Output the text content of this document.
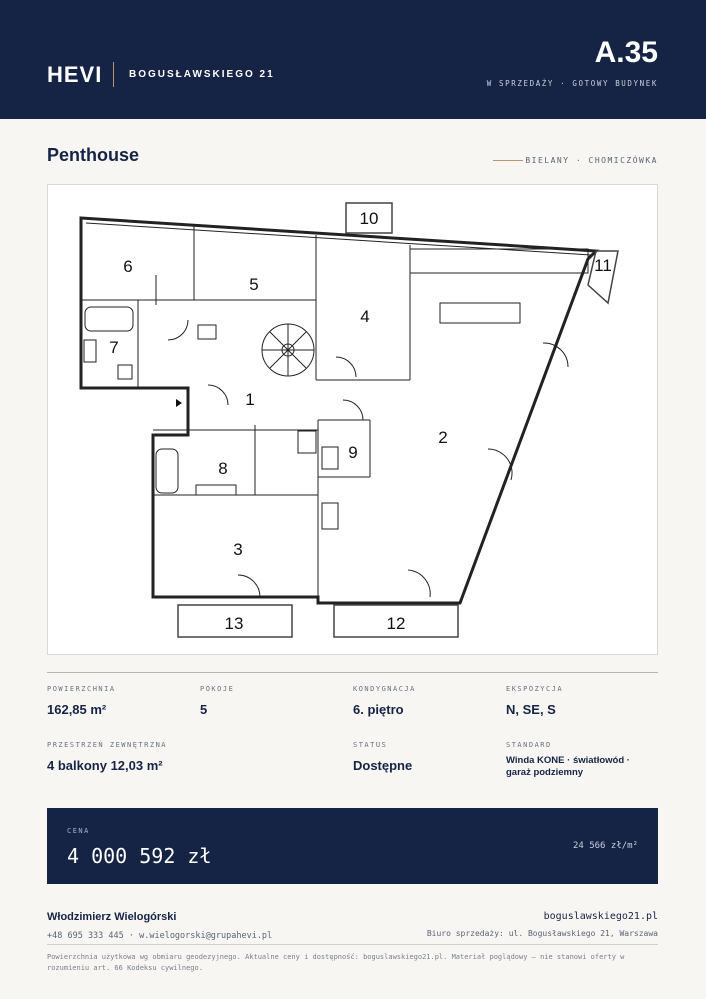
HEVI	BOGUSŁAWSKIEGO 21
A.35
W SPRZEDAŻY · GOTOWY BUDYNEK
Penthouse	BIELANY · CHOMICZÓWKA
1
2
3
4
5
6
7
8
9
10
11
12
13
POWIERZCHNIA
162,85 m²
POKOJE
5
KONDYGNACJA
6. piętro
EKSPOZYCJA
N, SE, S
PRZESTRZEŃ ZEWNĘTRZNA
4 balkony 12,03 m²
STATUS
Dostępne
STANDARD
Winda KONE · światłowód ·
garaż podziemny
CENA
4 000 592 zł	24 566 zł/m²
Włodzimierz Wielogórski
+48 695 333 445 · w.wielogorski@grupahevi.pl
boguslawskiego21.pl
Biuro sprzedaży: ul. Bogusławskiego 21, Warszawa
Powierzchnia użytkowa wg obmiaru geodezyjnego. Aktualne ceny i dostępność: boguslawskiego21.pl. Materiał poglądowy — nie stanowi oferty w rozumieniu art. 66 Kodeksu cywilnego.
